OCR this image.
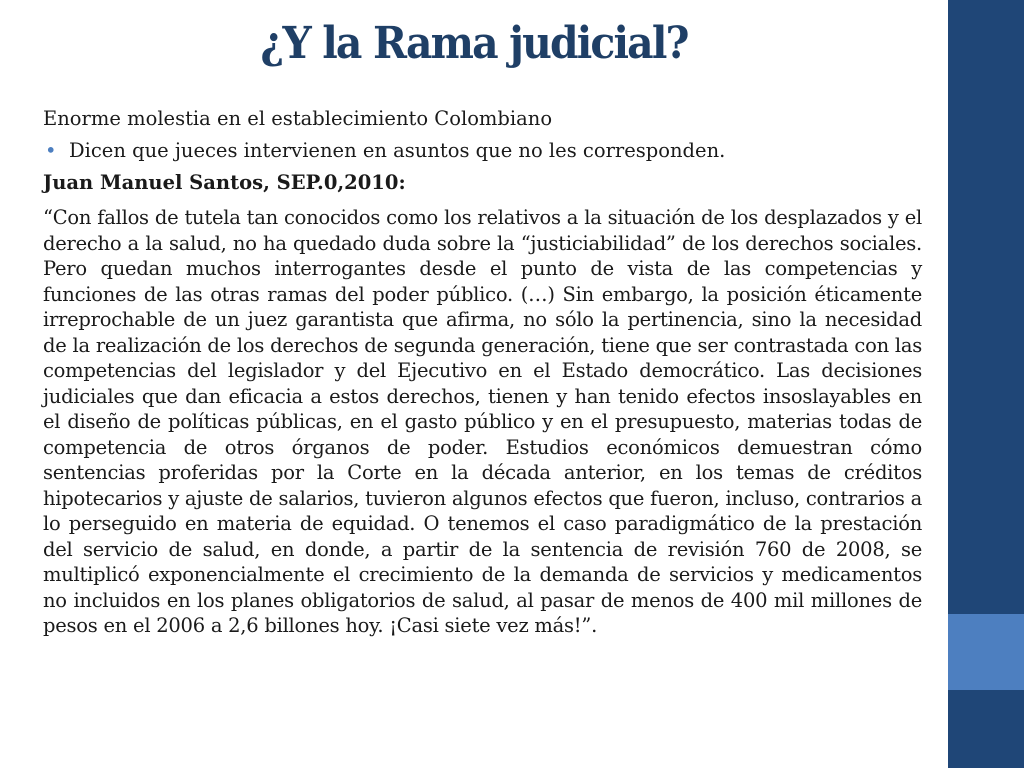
¿Y la Rama judicial?

Enorme molestia en el establecimiento Colombiano

• Dicen que jueces intervienen en asuntos que no les corresponden.

Juan Manuel Santos, SEP.0,2010:

“Con fallos de tutela tan conocidos como los relativos a la situación de los desplazados y el derecho a la salud, no ha quedado duda sobre la “justiciabilidad” de los derechos sociales. Pero quedan muchos interrogantes desde el punto de vista de las competencias y funciones de las otras ramas del poder público. (…) Sin embargo, la posición éticamente irreprochable de un juez garantista que afirma, no sólo la pertinencia, sino la necesidad de la realización de los derechos de segunda generación, tiene que ser contrastada con las competencias del legislador y del Ejecutivo en el Estado democrático. Las decisiones judiciales que dan eficacia a estos derechos, tienen y han tenido efectos insoslayables en el diseño de políticas públicas, en el gasto público y en el presupuesto, materias todas de competencia de otros órganos de poder. Estudios económicos demuestran cómo sentencias proferidas por la Corte en la década anterior, en los temas de créditos hipotecarios y ajuste de salarios, tuvieron algunos efectos que fueron, incluso, contrarios a lo perseguido en materia de equidad. O tenemos el caso paradigmático de la prestación del servicio de salud, en donde, a partir de la sentencia de revisión 760 de 2008, se multiplicó exponencialmente el crecimiento de la demanda de servicios y medicamentos no incluidos en los planes obligatorios de salud, al pasar de menos de 400 mil millones de pesos en el 2006 a 2,6 billones hoy. ¡Casi siete vez más!”.
